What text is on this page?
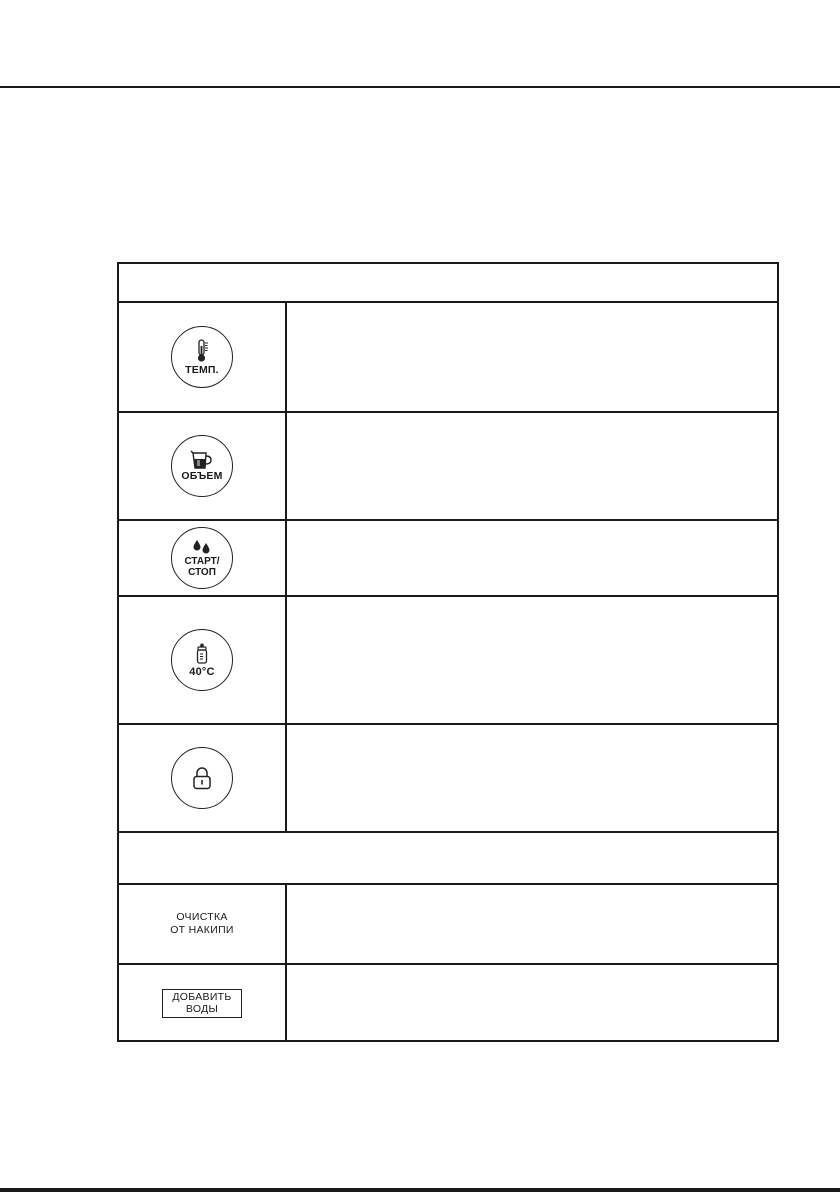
ТЕМП.
ОБЪЕМ
СТАРТ/
СТОП
40°C
ОЧИСТКА
ОТ НАКИПИ
ДОБАВИТЬ
ВОДЫ
